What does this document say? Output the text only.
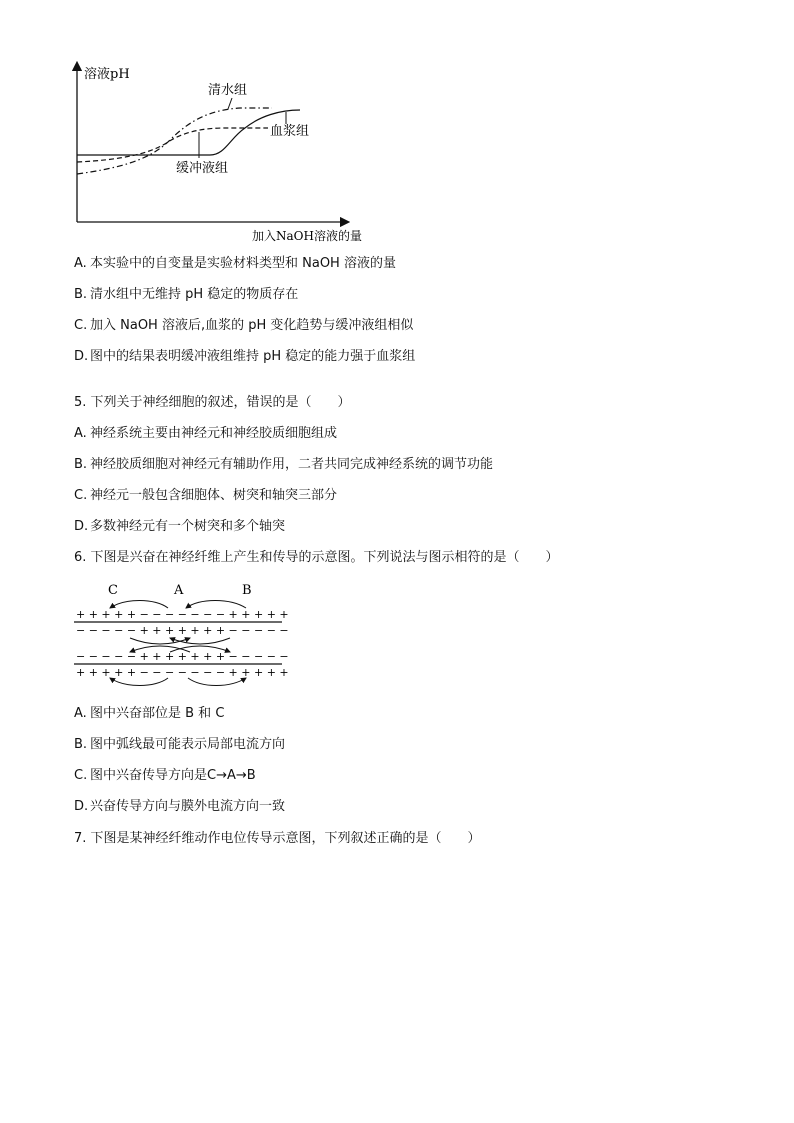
溶液pH
加入NaOH溶液的量
清水组
血浆组
缓冲液组
A. 本实验中的自变量是实验材料类型和 NaOH 溶液的量
B. 清水组中无维持 pH 稳定的物质存在
C. 加入 NaOH 溶液后,血浆的 pH 变化趋势与缓冲液组相似
D. 图中的结果表明缓冲液组维持 pH 稳定的能力强于血浆组
5. 下列关于神经细胞的叙述，错误的是（　　）
A. 神经系统主要由神经元和神经胶质细胞组成
B. 神经胶质细胞对神经元有辅助作用，二者共同完成神经系统的调节功能
C. 神经元一般包含细胞体、树突和轴突三部分
D. 多数神经元有一个树突和多个轴突
6. 下图是兴奋在神经纤维上产生和传导的示意图。下列说法与图示相符的是（　　）
C	A	B
+ + + + + − − − − − − − + + + + +
− − − − − + + + + + + + − − − − −
− − − − − + + + + + + + − − − − −
+ + + + + − − − − − − − + + + + +
A. 图中兴奋部位是 B 和 C
B. 图中弧线最可能表示局部电流方向
C. 图中兴奋传导方向是C→A→B
D. 兴奋传导方向与膜外电流方向一致
7. 下图是某神经纤维动作电位传导示意图，下列叙述正确的是（　　）
